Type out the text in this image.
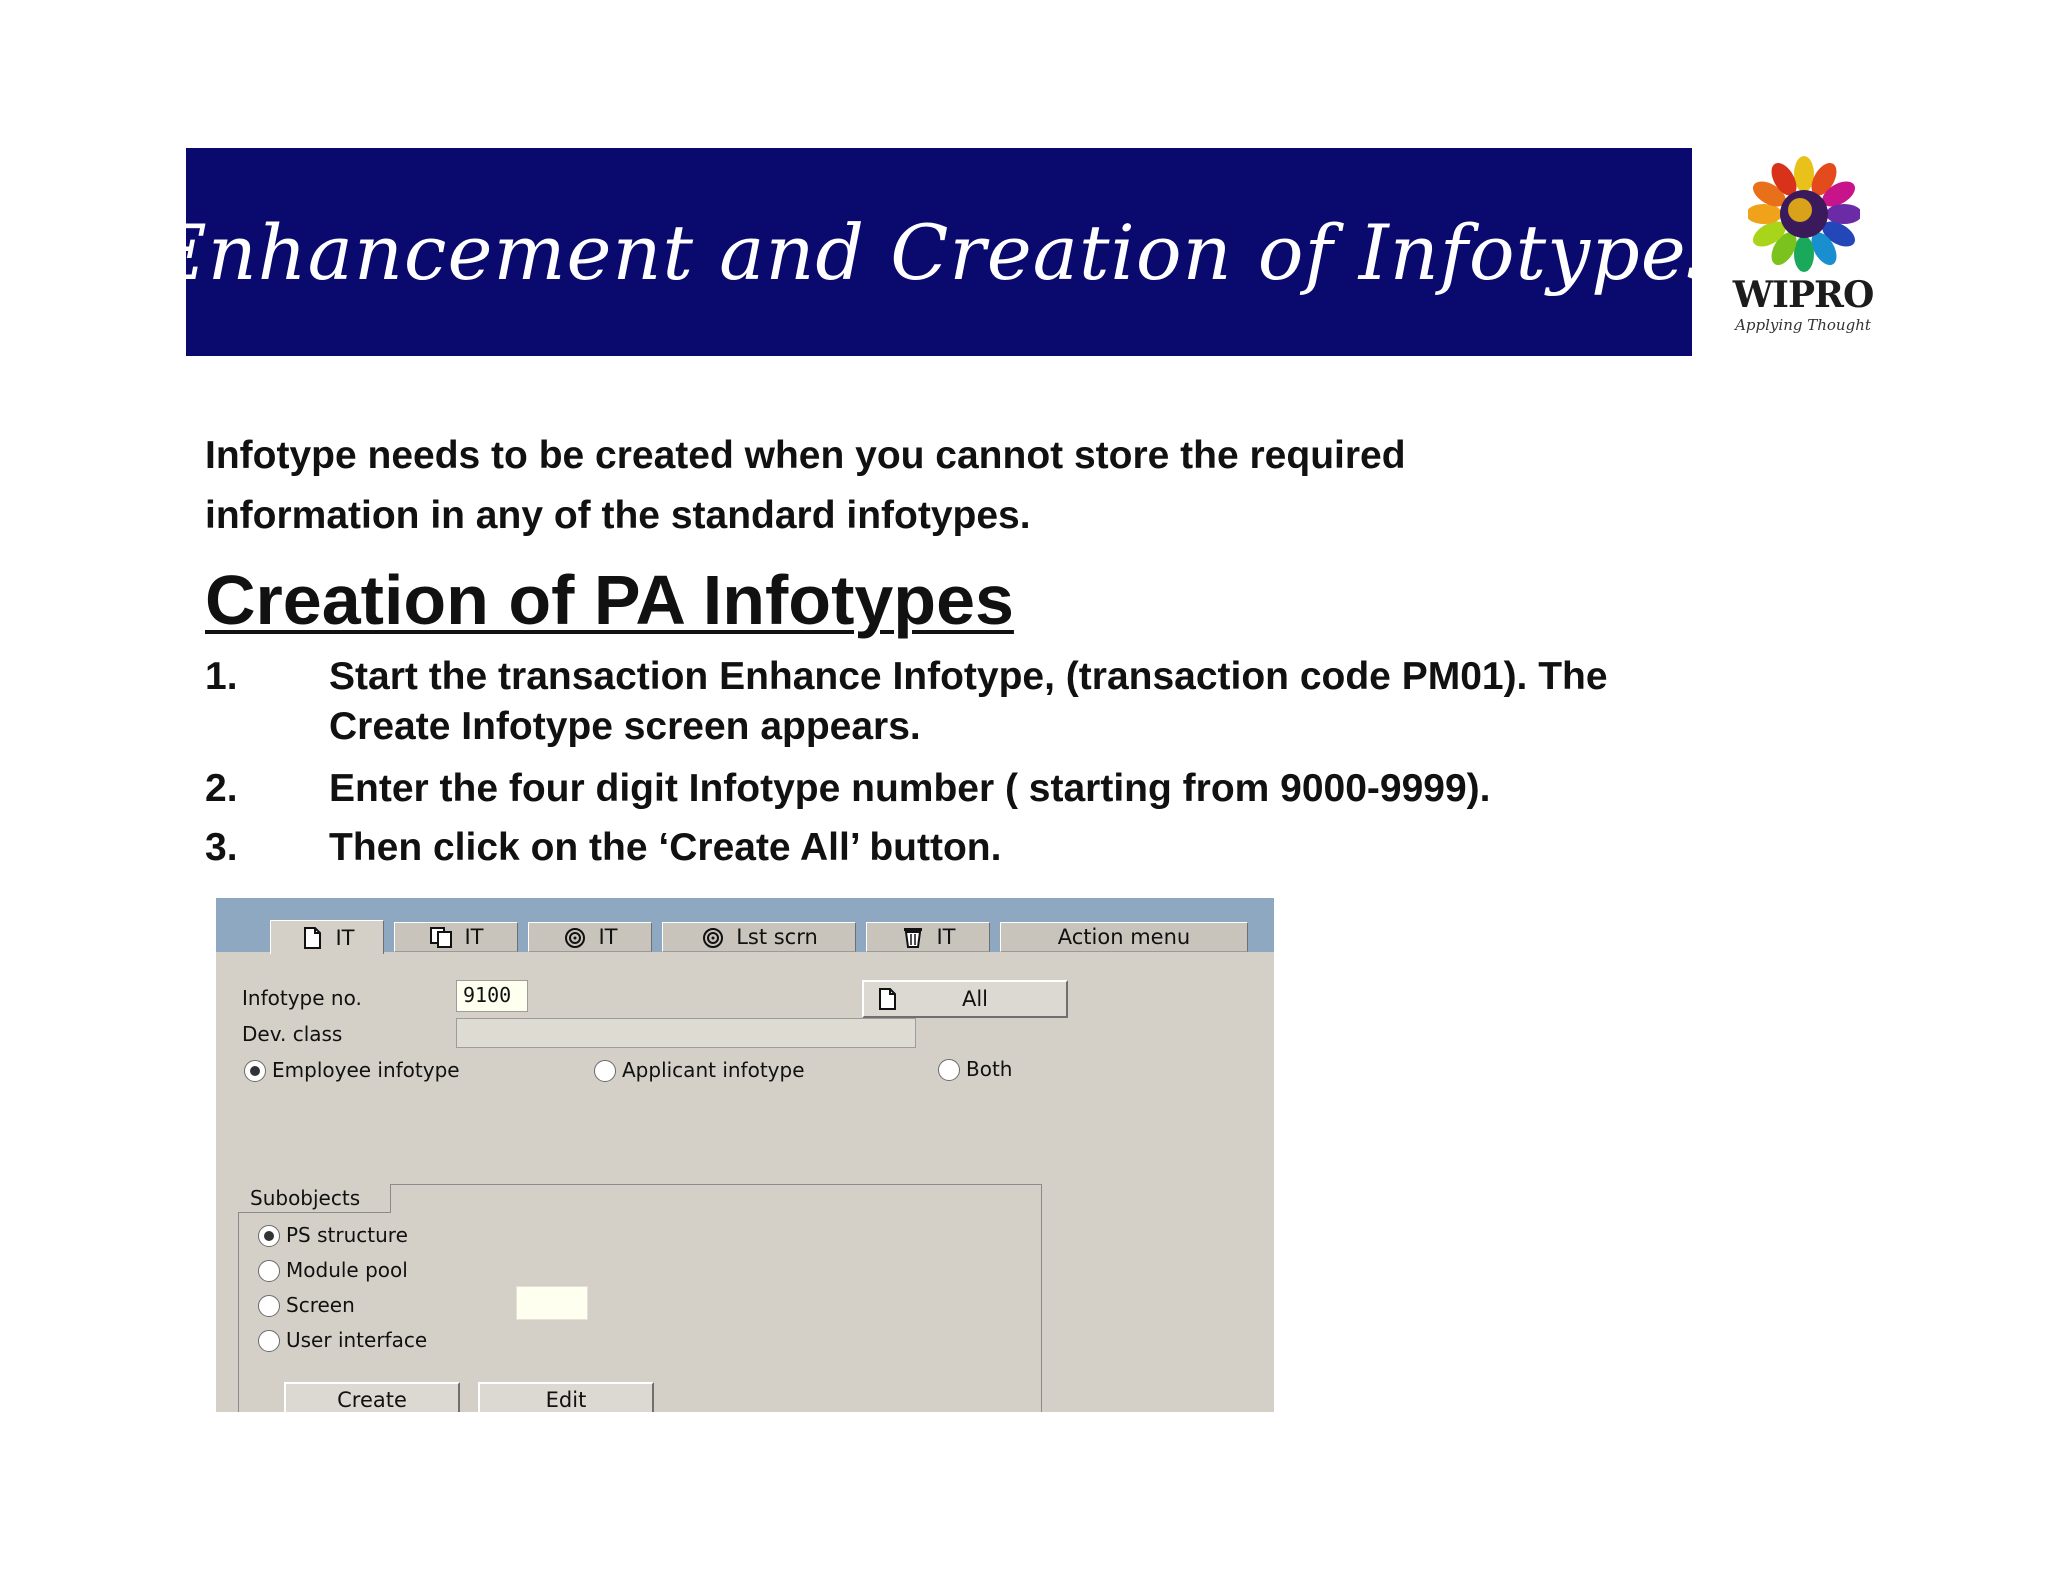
Enhancement and Creation of Infotypes WIPRO
Applying Thought
Infotype needs to be created when you cannot store the required information in any of the standard infotypes.
Creation of PA Infotypes
1. Start the transaction Enhance Infotype, (transaction code PM01). The Create Infotype screen appears.
2. Enter the four digit Infotype number ( starting from 9000-9999).
3. Then click on the ‘Create All’ button.
IT	IT	IT	Lst scrn	IT	Action menu
Infotype no.	9100	All
Dev. class
Employee infotype	Applicant infotype	Both
Subobjects
PS structure
Module pool
Screen
User interface
Create	Edit
